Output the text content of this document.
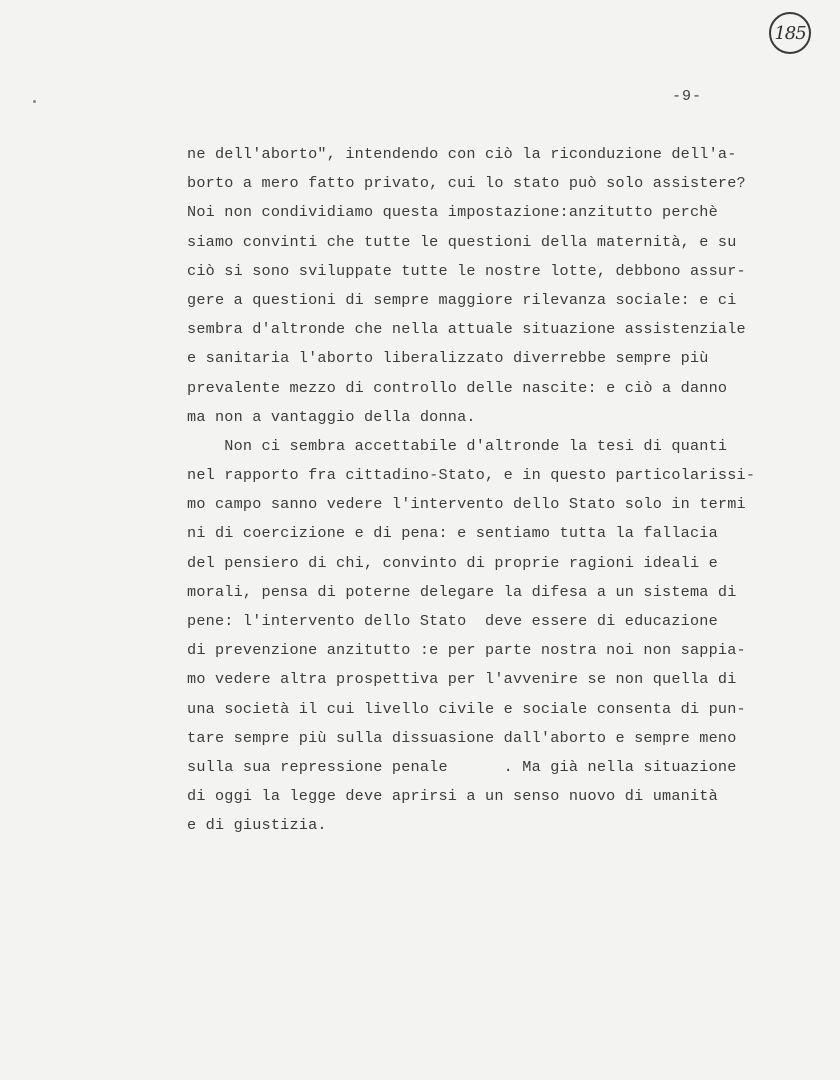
185
-9-
ne dell'aborto", intendendo con ciò la riconduzione dell'a-
borto a mero fatto privato, cui lo stato può solo assistere?
Noi non condividiamo questa impostazione:anzitutto perchè
siamo convinti che tutte le questioni della maternità, e su
ciò si sono sviluppate tutte le nostre lotte, debbono assur-
gere a questioni di sempre maggiore rilevanza sociale: e ci
sembra d'altronde che nella attuale situazione assistenziale
e sanitaria l'aborto liberalizzato diverrebbe sempre più
prevalente mezzo di controllo delle nascite: e ciò a danno
ma non a vantaggio della donna.
Non ci sembra accettabile d'altronde la tesi di quanti
nel rapporto fra cittadino-Stato, e in questo particolarissi-
mo campo sanno vedere l'intervento dello Stato solo in termi
ni di coercizione e di pena: e sentiamo tutta la fallacia
del pensiero di chi, convinto di proprie ragioni ideali e
morali, pensa di poterne delegare la difesa a un sistema di
pene: l'intervento dello Stato  deve essere di educazione
di prevenzione anzitutto :e per parte nostra noi non sappia-
mo vedere altra prospettiva per l'avvenire se non quella di
una società il cui livello civile e sociale consenta di pun-
tare sempre più sulla dissuasione dall'aborto e sempre meno
sulla sua repressione penale      . Ma già nella situazione
di oggi la legge deve aprirsi a un senso nuovo di umanità
e di giustizia.
